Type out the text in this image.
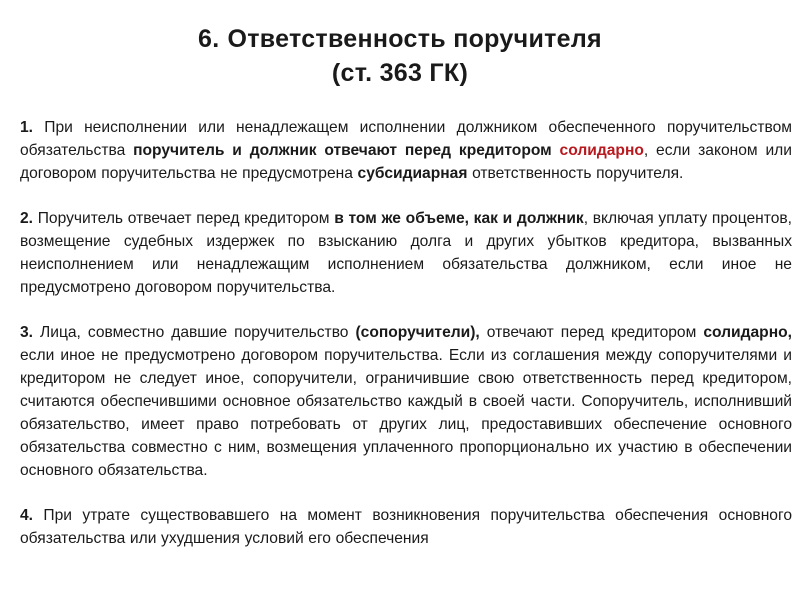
6. Ответственность поручителя
(ст. 363 ГК)

1. При неисполнении или ненадлежащем исполнении должником обеспеченного поручительством обязательства поручитель и должник отвечают перед кредитором солидарно, если законом или договором поручительства не предусмотрена субсидиарная ответственность поручителя.

2. Поручитель отвечает перед кредитором в том же объеме, как и должник, включая уплату процентов, возмещение судебных издержек по взысканию долга и других убытков кредитора, вызванных неисполнением или ненадлежащим исполнением обязательства должником, если иное не предусмотрено договором поручительства.

3. Лица, совместно давшие поручительство (сопоручители), отвечают перед кредитором солидарно, если иное не предусмотрено договором поручительства. Если из соглашения между сопоручителями и кредитором не следует иное, сопоручители, ограничившие свою ответственность перед кредитором, считаются обеспечившими основное обязательство каждый в своей части. Сопоручитель, исполнивший обязательство, имеет право потребовать от других лиц, предоставивших обеспечение основного обязательства совместно с ним, возмещения уплаченного пропорционально их участию в обеспечении основного обязательства.

4. При утрате существовавшего на момент возникновения поручительства обеспечения основного обязательства или ухудшения условий его обеспечения
